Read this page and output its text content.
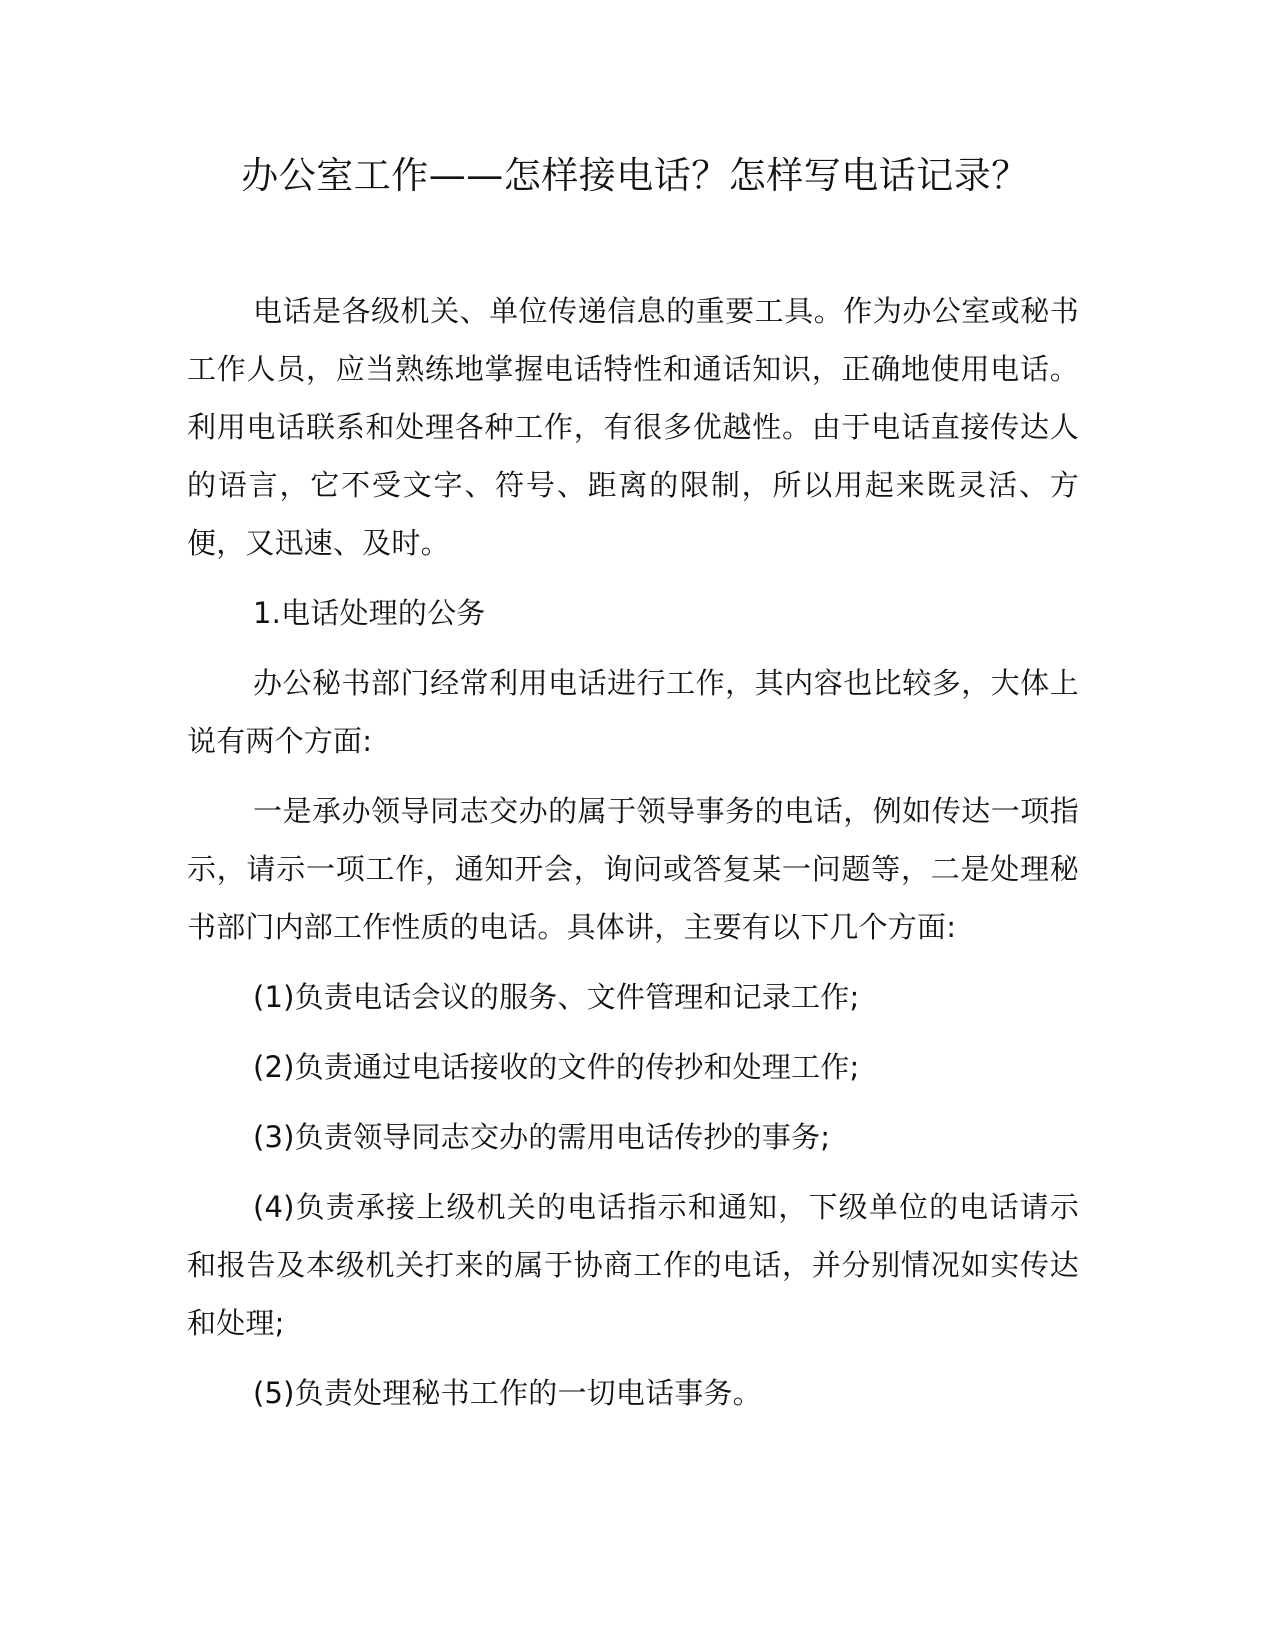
办公室工作——怎样接电话？怎样写电话记录？

电话是各级机关、单位传递信息的重要工具。作为办公室或秘书工作人员，应当熟练地掌握电话特性和通话知识，正确地使用电话。利用电话联系和处理各种工作，有很多优越性。由于电话直接传达人的语言，它不受文字、符号、距离的限制，所以用起来既灵活、方便，又迅速、及时。

1.电话处理的公务

办公秘书部门经常利用电话进行工作，其内容也比较多，大体上说有两个方面:

一是承办领导同志交办的属于领导事务的电话，例如传达一项指示，请示一项工作，通知开会，询问或答复某一问题等，二是处理秘书部门内部工作性质的电话。具体讲，主要有以下几个方面:

(1)负责电话会议的服务、文件管理和记录工作;

(2)负责通过电话接收的文件的传抄和处理工作;

(3)负责领导同志交办的需用电话传抄的事务;

(4)负责承接上级机关的电话指示和通知，下级单位的电话请示和报告及本级机关打来的属于协商工作的电话，并分别情况如实传达和处理;

(5)负责处理秘书工作的一切电话事务。
